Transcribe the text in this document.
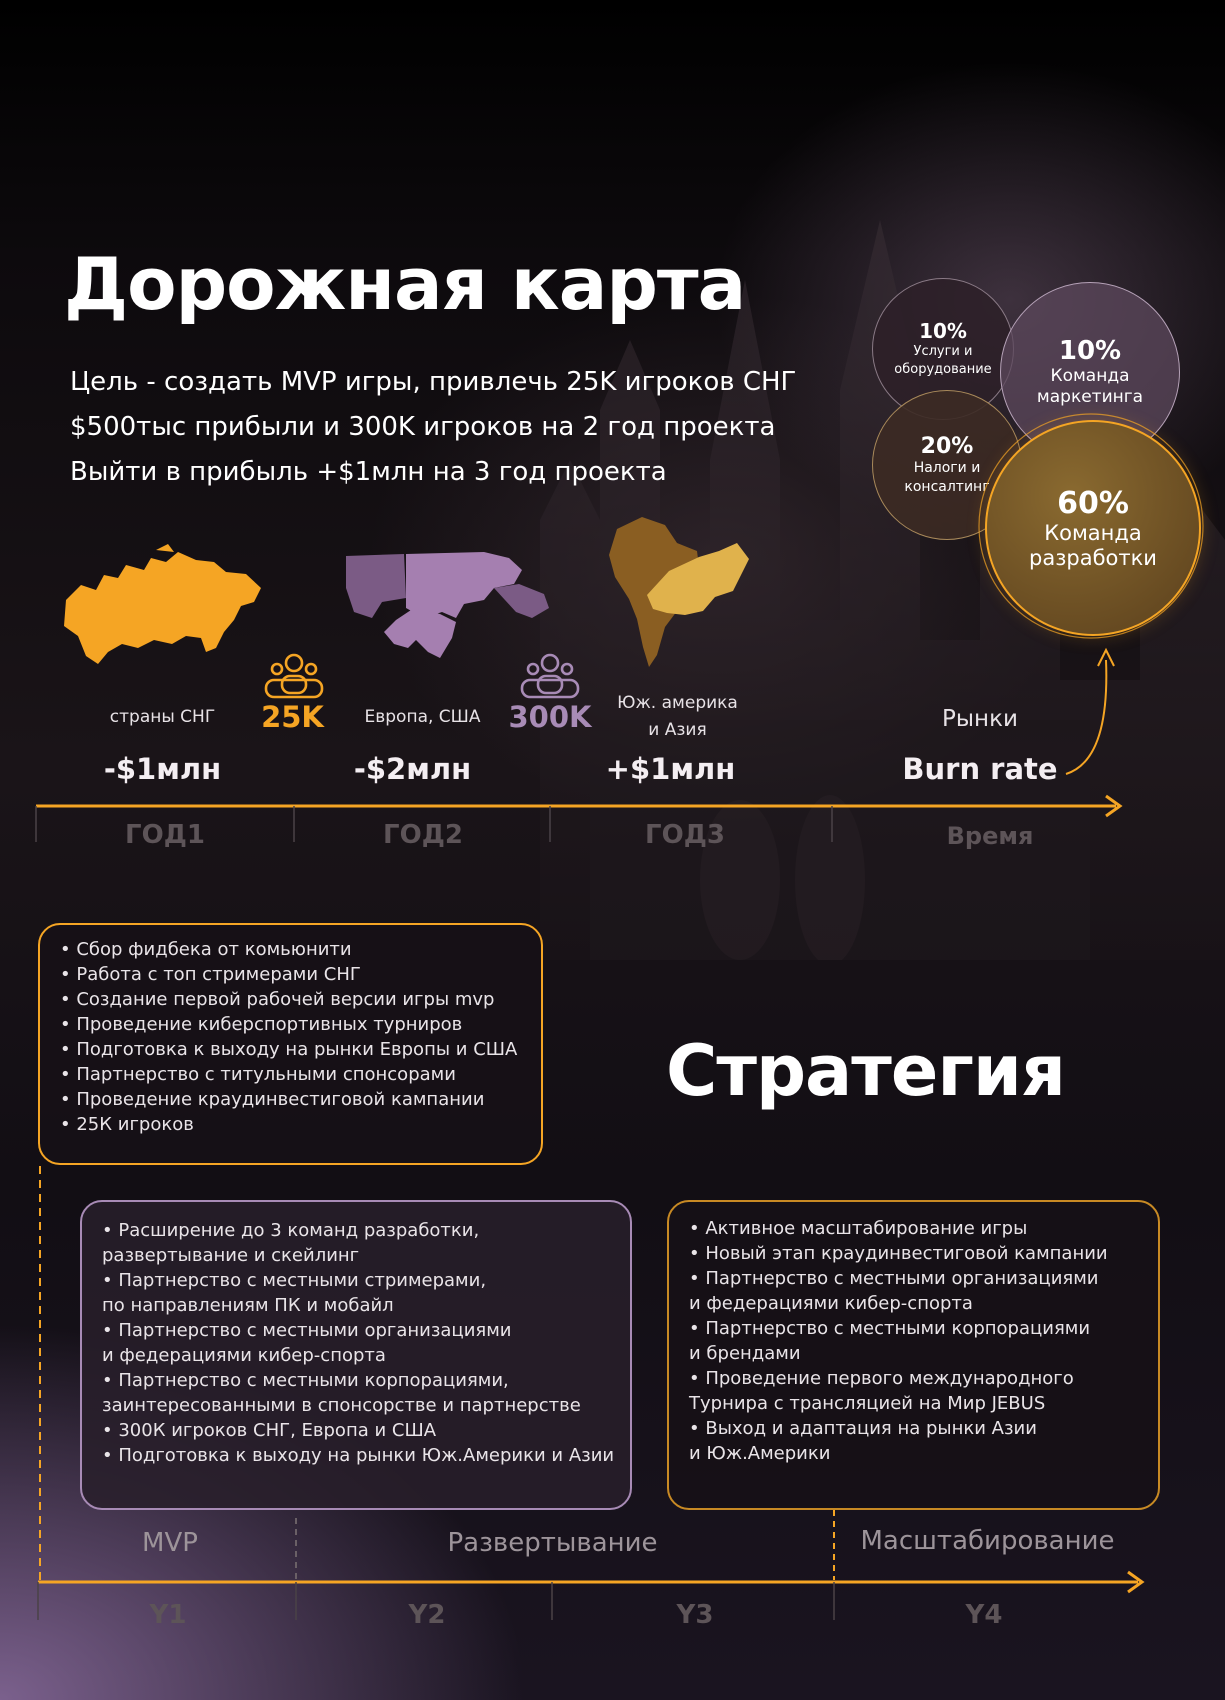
Дорожная карта
Цель - создать MVP игры, привлечь 25K игроков СНГ
$500тыс прибыли и 300K игроков на 2 год проекта
Выйти в прибыль +$1млн на 3 год проекта
10%
Услуги и
оборудование
10%
Команда
маркетинга
20%
Налоги и
консалтинг 60%
Команда
разработки
страны СНГ	Европа, США
Юж. америка
и Азия	Рынки
25K	300K
-$1млн	-$2млн	+$1млн	Burn rate
ГОД1	ГОД2	ГОД3	Время
Стратегия
• Сбор фидбека от комьюнити
• Работа с топ стримерами СНГ
• Создание первой рабочей версии игры mvp
• Проведение киберспортивных турниров
• Подготовка к выходу на рынки Европы и США
• Партнерство с титульными спонсорами
• Проведение краудинвестиговой кампании
• 25К игроков
• Расширение до 3 команд разработки,
развертывание и скейлинг
• Партнерство с местными стримерами,
по направлениям ПК и мобайл
• Партнерство с местными организациями
и федерациями кибер-спорта
• Партнерство с местными корпорациями,
заинтересованными в спонсорстве и партнерстве
• 300К игроков СНГ, Европа и США
• Подготовка к выходу на рынки Юж.Америки и Азии
• Активное масштабирование игры
• Новый этап краудинвестиговой кампании
• Партнерство с местными организациями
и федерациями кибер-спорта
• Партнерство с местными корпорациями
и брендами
• Проведение первого международного
Турнира с трансляцией на Мир JEBUS
• Выход и адаптация на рынки Азии
и Юж.Америки
MVP	Развертывание	Масштабирование
Y1	Y2	Y3	Y4
